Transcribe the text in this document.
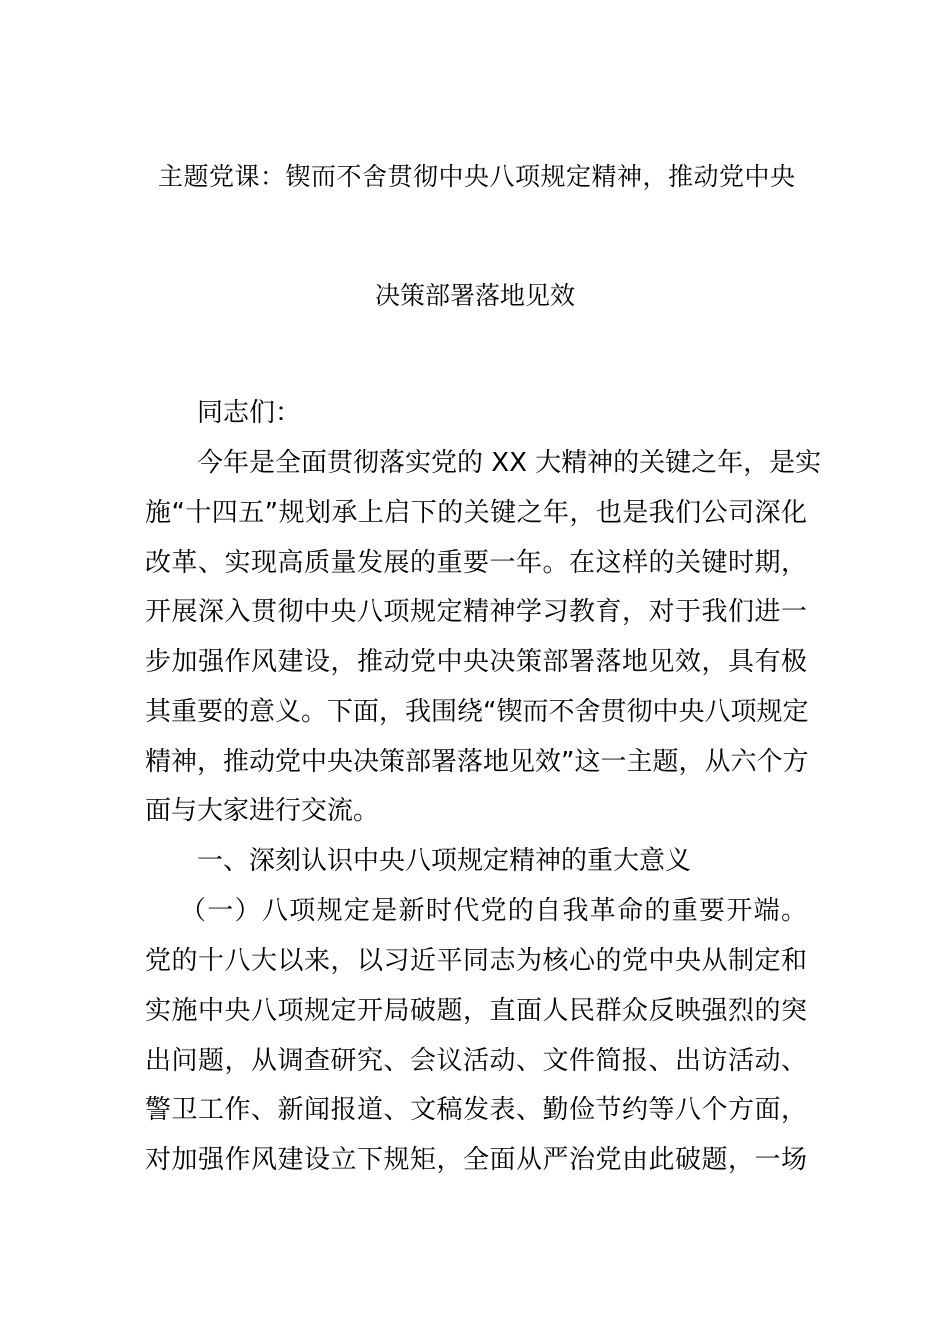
主题党课：锲而不舍贯彻中央八项规定精神，推动党中央
决策部署落地见效
同志们：
今年是全面贯彻落实党的 XX 大精神的关键之年，是实
施“十四五”规划承上启下的关键之年，也是我们公司深化
改革、实现高质量发展的重要一年。在这样的关键时期，
开展深入贯彻中央八项规定精神学习教育，对于我们进一
步加强作风建设，推动党中央决策部署落地见效，具有极
其重要的意义。下面，我围绕“锲而不舍贯彻中央八项规定
精神，推动党中央决策部署落地见效”这一主题，从六个方
面与大家进行交流。
一、深刻认识中央八项规定精神的重大意义
（一）八项规定是新时代党的自我革命的重要开端。
党的十八大以来，以习近平同志为核心的党中央从制定和
实施中央八项规定开局破题，直面人民群众反映强烈的突
出问题，从调查研究、会议活动、文件简报、出访活动、
警卫工作、新闻报道、文稿发表、勤俭节约等八个方面，
对加强作风建设立下规矩，全面从严治党由此破题，一场
